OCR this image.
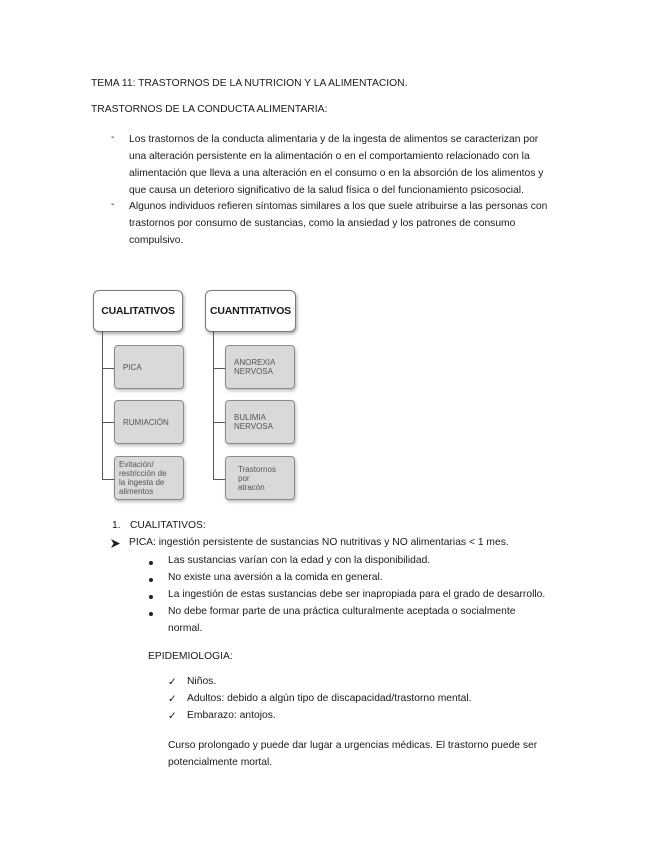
TEMA 11: TRASTORNOS DE LA NUTRICION Y LA ALIMENTACION.
TRASTORNOS DE LA CONDUCTA ALIMENTARIA:
- Los trastornos de la conducta alimentaria y de la ingesta de alimentos se caracterizan por
una alteración persistente en la alimentación o en el comportamiento relacionado con la
alimentación que lleva a una alteración en el consumo o en la absorción de los alimentos y
que causa un deterioro significativo de la salud física o del funcionamiento psicosocial.
- Algunos individuos refieren síntomas similares a los que suele atribuirse a las personas con
trastornos por consumo de sustancias, como la ansiedad y los patrones de consumo
compulsivo.
CUALITATIVOS
PICA
RUMIACIÓN
Evitación/
restricción de
la ingesta de
alimentos
CUANTITATIVOS
ANOREXIA
NERVOSA
BULIMIA
NERVOSA
Trastornos
por
atracón
1. CUALITATIVOS:
PICA: ingestión persistente de sustancias NO nutritivas y NO alimentarias < 1 mes.
Las sustancias varían con la edad y con la disponibilidad.
No existe una aversión a la comida en general.
La ingestión de estas sustancias debe ser inapropiada para el grado de desarrollo.
No debe formar parte de una práctica culturalmente aceptada o socialmente
normal.
EPIDEMIOLOGIA:
✓ Niños.
✓ Adultos: debido a algún tipo de discapacidad/trastorno mental.
✓ Embarazo: antojos.
Curso prolongado y puede dar lugar a urgencias médicas. El trastorno puede ser
potencialmente mortal.
